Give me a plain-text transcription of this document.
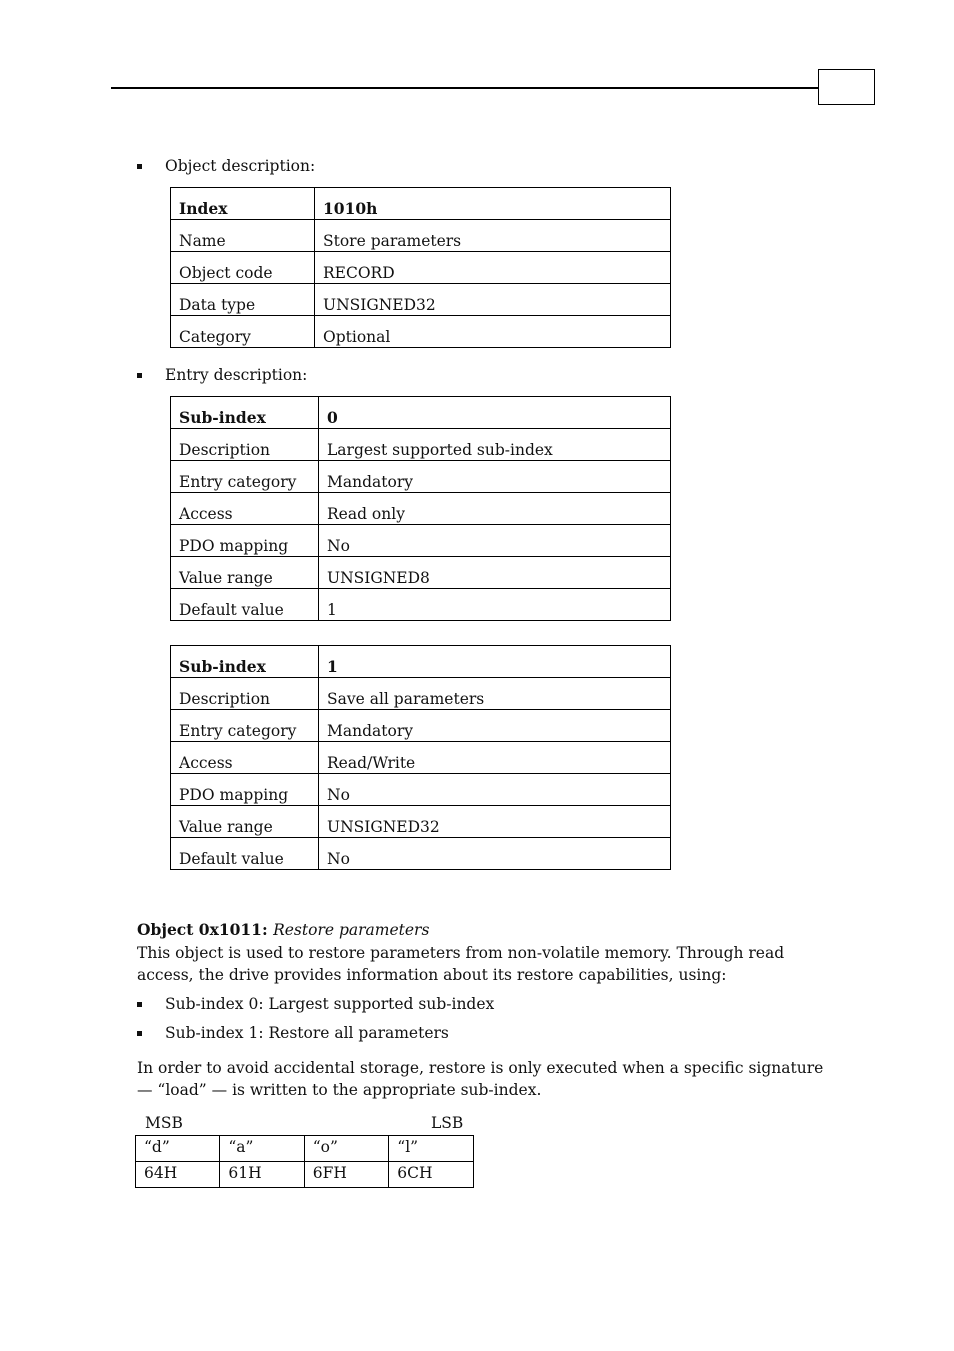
Object description:
Index	1010h
Name	Store parameters
Object code	RECORD
Data type	UNSIGNED32
Category	Optional
Entry description:
Sub-index	0
Description	Largest supported sub-index
Entry category	Mandatory
Access	Read only
PDO mapping	No
Value range	UNSIGNED8
Default value	1
Sub-index	1
Description	Save all parameters
Entry category	Mandatory
Access	Read/Write
PDO mapping	No
Value range	UNSIGNED32
Default value	No
Object 0x1011: Restore parameters
This object is used to restore parameters from non-volatile memory. Through read access, the drive provides information about its restore capabilities, using:
Sub-index 0: Largest supported sub-index
Sub-index 1: Restore all parameters
In order to avoid accidental storage, restore is only executed when a specific signature — “load” — is written to the appropriate sub-index.
MSB	LSB
“d”	“a”	“o”	“l”
64H	61H	6FH	6CH
